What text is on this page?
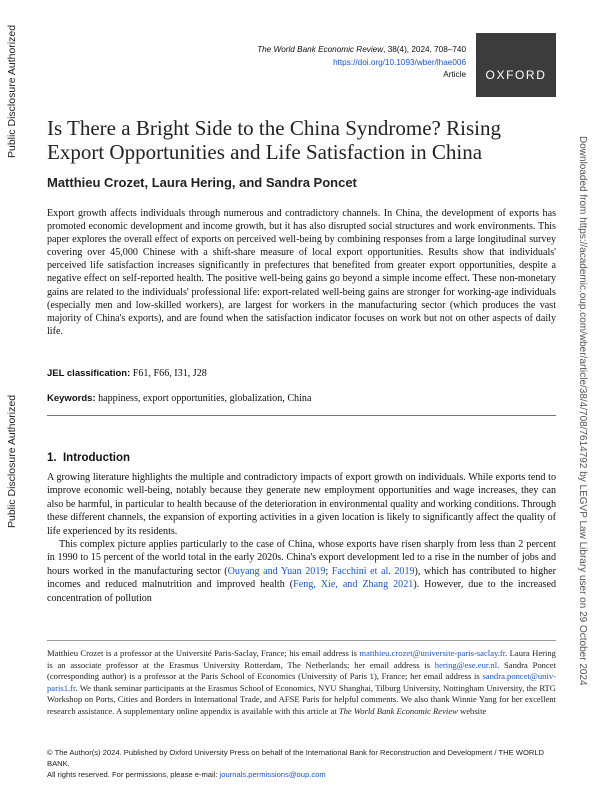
Public Disclosure Authorized
Public Disclosure Authorized	Downloaded from https://academic.oup.com/wber/article/38/4/708/7614792 by LEGVP Law Library user on 29 October 2024
The World Bank Economic Review, 38(4), 2024, 708–740
https://doi.org/10.1093/wber/lhae006
Article	OXFORD
Is There a Bright Side to the China Syndrome? Rising Export Opportunities and Life Satisfaction in China
Matthieu Crozet, Laura Hering, and Sandra Poncet
Export growth affects individuals through numerous and contradictory channels. In China, the development of exports has promoted economic development and income growth, but it has also disrupted social structures and work environments. This paper explores the overall effect of exports on perceived well-being by combining responses from a large longitudinal survey covering over 45,000 Chinese with a shift-share measure of local export opportunities. Results show that individuals' perceived life satisfaction increases significantly in prefectures that benefited from greater export opportunities, despite a negative effect on self-reported health. The positive well-being gains go beyond a simple income effect. These non-monetary gains are related to the individuals' professional life: export-related well-being gains are stronger for working-age individuals (especially men and low-skilled workers), are largest for workers in the manufacturing sector (which produces the vast majority of China's exports), and are found when the satisfaction indicator focuses on work but not on other aspects of daily life.
JEL classification: F61, F66, I31, J28
Keywords: happiness, export opportunities, globalization, China
1. Introduction

A growing literature highlights the multiple and contradictory impacts of export growth on individuals. While exports tend to improve economic well-being, notably because they generate new employment opportunities and wage increases, they can also be harmful, in particular to health because of the deterioration in environmental quality and working conditions. Through these different channels, the expansion of exporting activities in a given location is likely to significantly affect the quality of life experienced by its residents.

This complex picture applies particularly to the case of China, whose exports have risen sharply from less than 2 percent in 1990 to 15 percent of the world total in the early 2020s. China's export development led to a rise in the number of jobs and hours worked in the manufacturing sector (Ouyang and Yuan 2019; Facchini et al. 2019), which has contributed to higher incomes and reduced malnutrition and improved health (Feng, Xie, and Zhang 2021). However, due to the increased concentration of pollution

Matthieu Crozet is a professor at the Université Paris-Saclay, France; his email address is matthieu.crozet@universite-paris-saclay.fr. Laura Hering is an associate professor at the Erasmus University Rotterdam, The Netherlands; her email address is hering@ese.eur.nl. Sandra Poncet (corresponding author) is a professor at the Paris School of Economics (University of Paris 1), France; her email address is sandra.poncet@univ-paris1.fr. We thank seminar participants at the Erasmus School of Economics, NYU Shanghai, Tilburg University, Nottingham University, the RTG Workshop on Ports, Cities and Borders in International Trade, and AFSE Paris for helpful comments. We also thank Winnie Yang for her excellent research assistance. A supplementary online appendix is available with this article at The World Bank Economic Review website
© The Author(s) 2024. Published by Oxford University Press on behalf of the International Bank for Reconstruction and Development / THE WORLD BANK.
All rights reserved. For permissions, please e-mail: journals.permissions@oup.com
